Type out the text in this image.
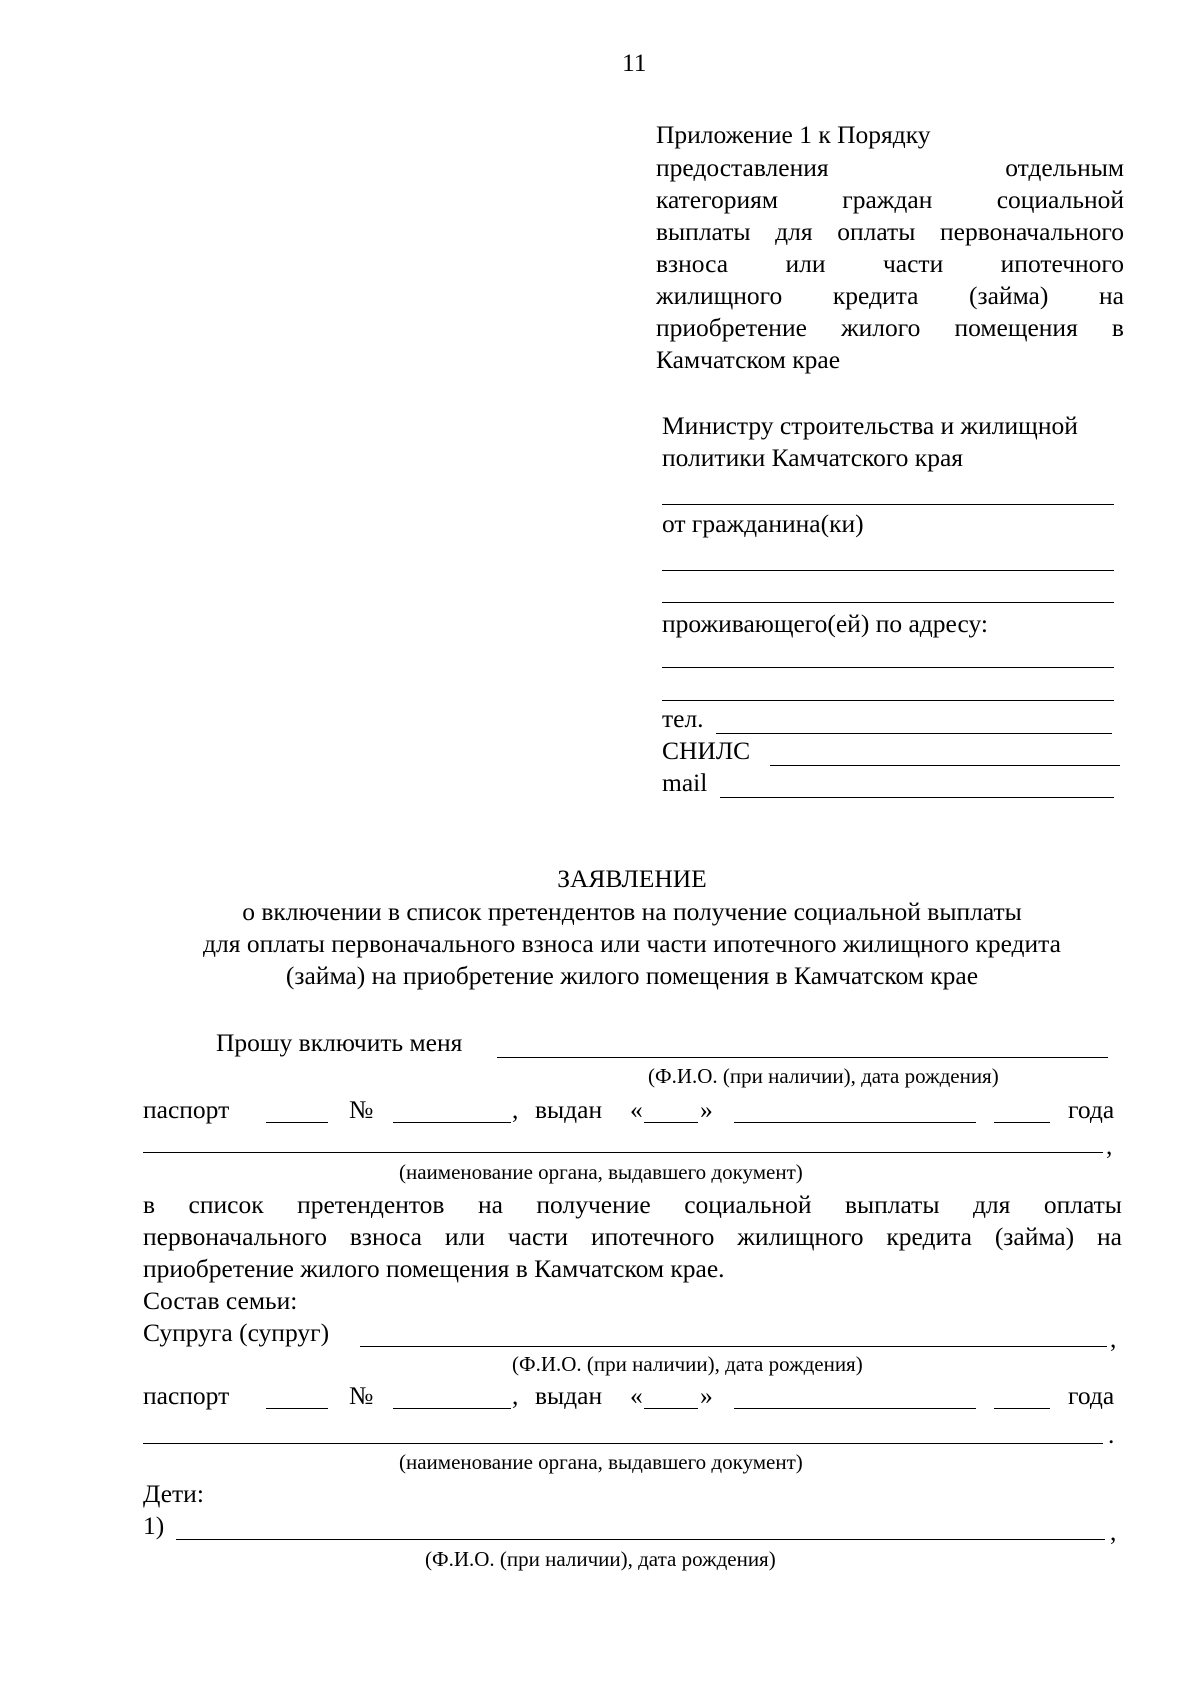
11
Приложение 1 к Порядку
предоставления	отдельным
категориям	граждан	социальной
выплаты для оплаты первоначального
взноса или части ипотечного
жилищного кредита (займа) на
приобретение жилого помещения в
Камчатском крае
Министру строительства и жилищной
политики Камчатского края
от гражданина(ки)
проживающего(ей) по адресу:
тел.
СНИЛС
mail
ЗАЯВЛЕНИЕ
о включении в список претендентов на получение социальной выплаты
для оплаты первоначального взноса или части ипотечного жилищного кредита
(займа) на приобретение жилого помещения в Камчатском крае
Прошу включить меня
(Ф.И.О. (при наличии), дата рождения)
паспорт	№	, выдан « »	года
,
(наименование органа, выдавшего документ)
в список претендентов на получение социальной выплаты для оплаты
первоначального взноса или части ипотечного жилищного кредита (займа) на
приобретение жилого помещения в Камчатском крае.
Состав семьи:
Супруга (супруг)	,
(Ф.И.О. (при наличии), дата рождения)
паспорт	№	, выдан « »	года
.
(наименование органа, выдавшего документ)
Дети:
1)	,
(Ф.И.О. (при наличии), дата рождения)
